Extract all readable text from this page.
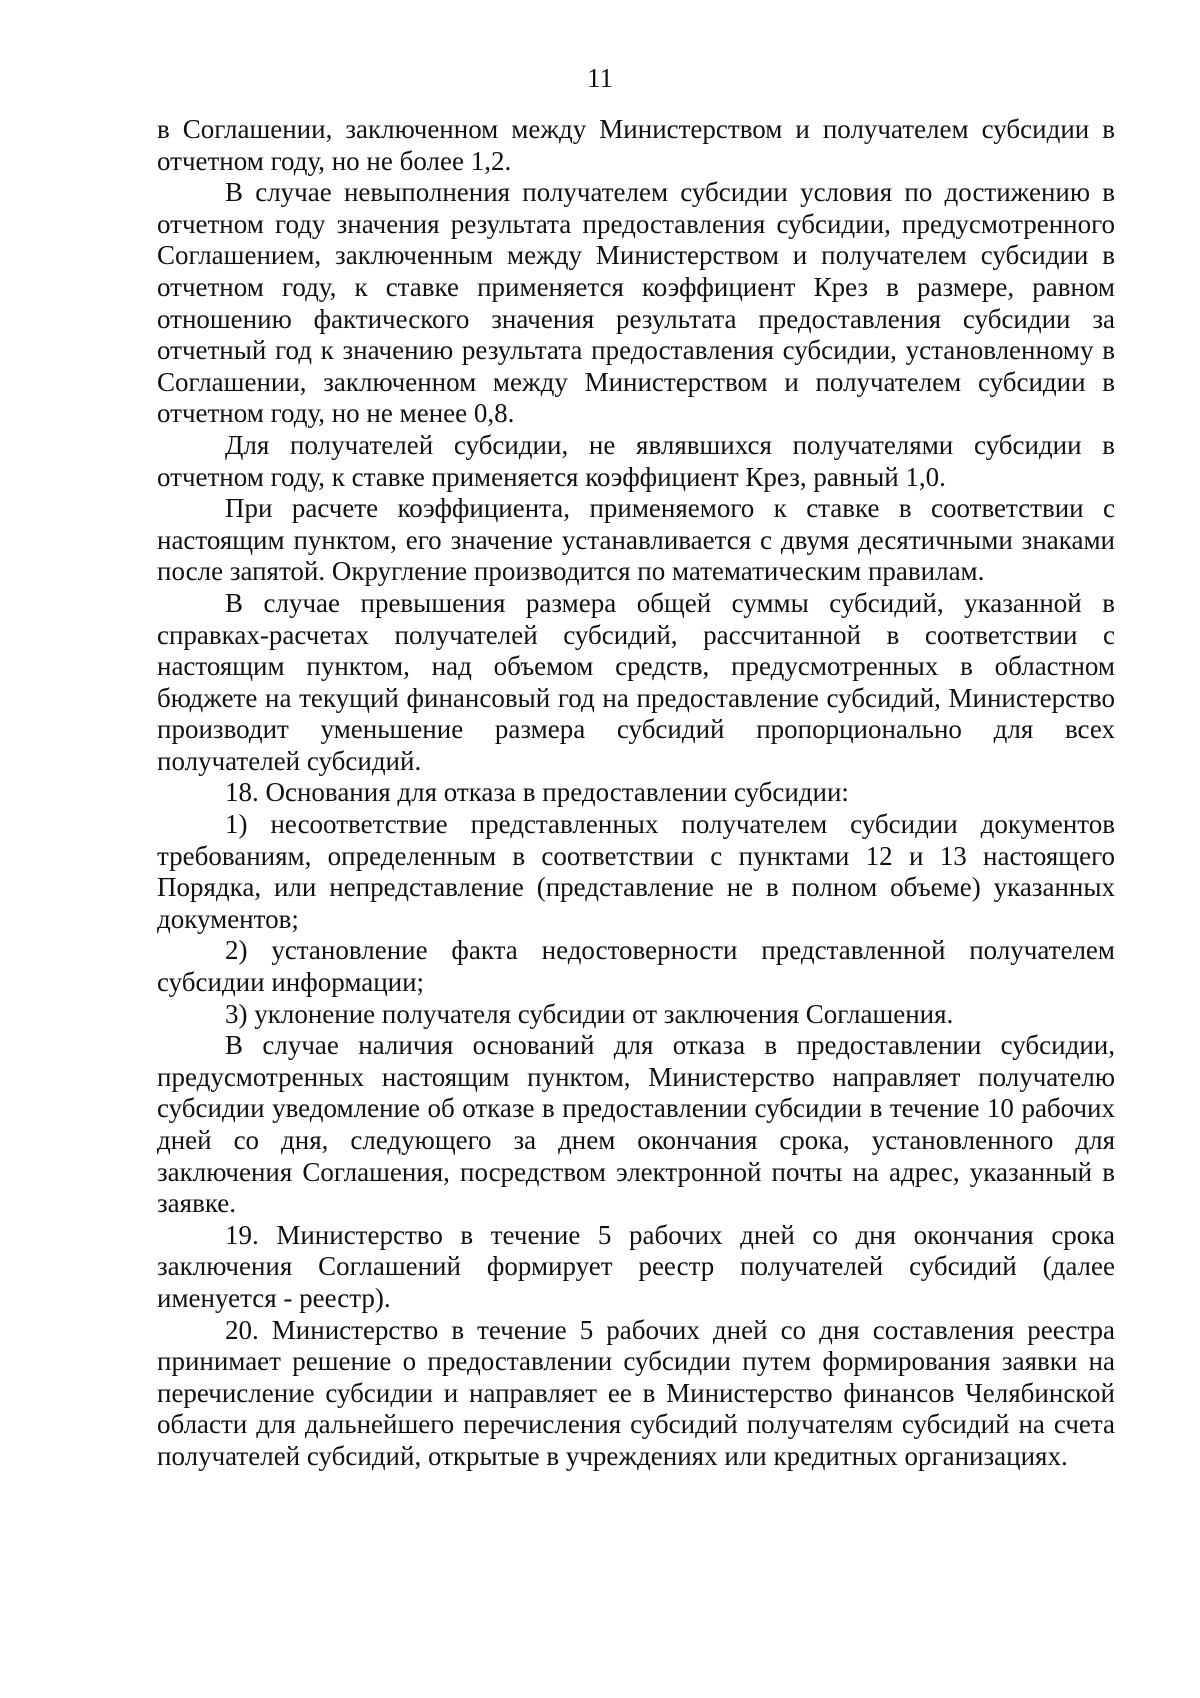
11

в Соглашении, заключенном между Министерством и получателем субсидии в отчетном году, но не более 1,2.

В случае невыполнения получателем субсидии условия по достижению в отчетном году значения результата предоставления субсидии, предусмотренного Соглашением, заключенным между Министерством и получателем субсидии в отчетном году, к ставке применяется коэффициент Крез в размере, равном отношению фактического значения результата предоставления субсидии за отчетный год к значению результата предоставления субсидии, установленному в Соглашении, заключенном между Министерством и получателем субсидии в отчетном году, но не менее 0,8.

Для получателей субсидии, не являвшихся получателями субсидии в отчетном году, к ставке применяется коэффициент Крез, равный 1,0.

При расчете коэффициента, применяемого к ставке в соответствии с настоящим пунктом, его значение устанавливается с двумя десятичными знаками после запятой. Округление производится по математическим правилам.

В случае превышения размера общей суммы субсидий, указанной в справках-расчетах получателей субсидий, рассчитанной в соответствии с настоящим пунктом, над объемом средств, предусмотренных в областном бюджете на текущий финансовый год на предоставление субсидий, Министерство производит уменьшение размера субсидий пропорционально для всех получателей субсидий.

18. Основания для отказа в предоставлении субсидии:

1) несоответствие представленных получателем субсидии документов требованиям, определенным в соответствии с пунктами 12 и 13 настоящего Порядка, или непредставление (представление не в полном объеме) указанных документов;

2) установление факта недостоверности представленной получателем субсидии информации;

3) уклонение получателя субсидии от заключения Соглашения.

В случае наличия оснований для отказа в предоставлении субсидии, предусмотренных настоящим пунктом, Министерство направляет получателю субсидии уведомление об отказе в предоставлении субсидии в течение 10 рабочих дней со дня, следующего за днем окончания срока, установленного для заключения Соглашения, посредством электронной почты на адрес, указанный в заявке.

19. Министерство в течение 5 рабочих дней со дня окончания срока заключения Соглашений формирует реестр получателей субсидий (далее именуется - реестр).

20. Министерство в течение 5 рабочих дней со дня составления реестра принимает решение о предоставлении субсидии путем формирования заявки на перечисление субсидии и направляет ее в Министерство финансов Челябинской области для дальнейшего перечисления субсидий получателям субсидий на счета получателей субсидий, открытые в учреждениях или кредитных организациях.
